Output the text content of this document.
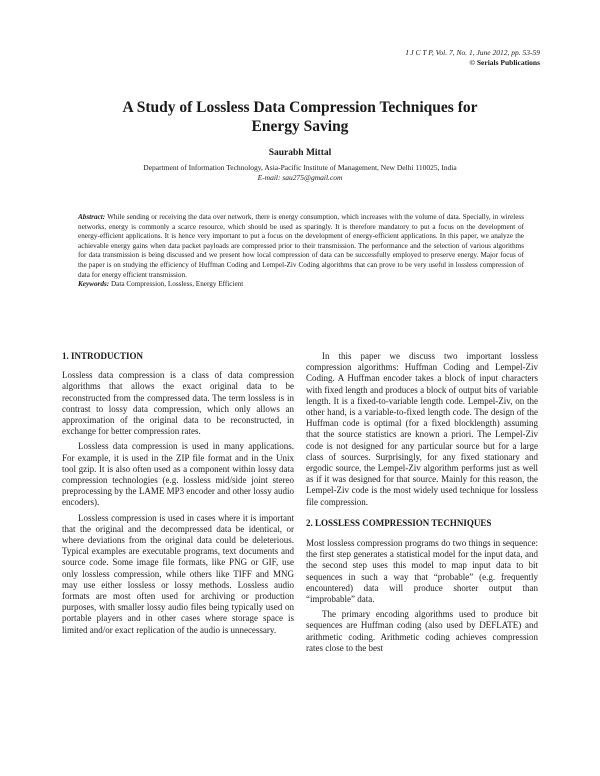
I J C T P, Vol. 7, No. 1, June 2012, pp. 53-59
© Serials Publications
A Study of Lossless Data Compression Techniques for
Energy Saving
Saurabh Mittal
Department of Information Technology, Asia-Pacific Institute of Management, New Delhi 110025, India
E-mail: sau275@gmail.com
Abstract: While sending or receiving the data over network, there is energy consumption, which increases with the volume of data. Specially, in wireless networks, energy is commonly a scarce resource, which should be used as sparingly. It is therefore mandatory to put a focus on the development of energy-efficient applications. It is hence very important to put a focus on the development of energy-efficient applications. In this paper, we analyze the achievable energy gains when data packet payloads are compressed prior to their transmission. The performance and the selection of various algorithms for data transmission is being discussed and we present how local compression of data can be successfully employed to preserve energy. Major focus of the paper is on studying the efficiency of Huffman Coding and Lempel-Ziv Coding algorithms that can prove to be very useful in lossless compression of data for energy efficient transmission.
Keywords: Data Compression, Lossless, Energy Efficient
1. INTRODUCTION

Lossless data compression is a class of data compression algorithms that allows the exact original data to be reconstructed from the compressed data. The term lossless is in contrast to lossy data compression, which only allows an approximation of the original data to be reconstructed, in exchange for better compression rates.

Lossless data compression is used in many applications. For example, it is used in the ZIP file format and in the Unix tool gzip. It is also often used as a component within lossy data compression technologies (e.g. lossless mid/side joint stereo preprocessing by the LAME MP3 encoder and other lossy audio encoders).

Lossless compression is used in cases where it is important that the original and the decompressed data be identical, or where deviations from the original data could be deleterious. Typical examples are executable programs, text documents and source code. Some image file formats, like PNG or GIF, use only lossless compression, while others like TIFF and MNG may use either lossless or lossy methods. Lossless audio formats are most often used for archiving or production purposes, with smaller lossy audio files being typically used on portable players and in other cases where storage space is limited and/or exact replication of the audio is unnecessary.

In this paper we discuss two important lossless compression algorithms: Huffman Coding and Lempel-Ziv Coding. A Huffman encoder takes a block of input characters with fixed length and produces a block of output bits of variable length. It is a fixed-to-variable length code. Lempel-Ziv, on the other hand, is a variable-to-fixed length code. The design of the Huffman code is optimal (for a fixed blocklength) assuming that the source statistics are known a priori. The Lempel-Ziv code is not designed for any particular source but for a large class of sources. Surprisingly, for any fixed stationary and ergodic source, the Lempel-Ziv algorithm performs just as well as if it was designed for that source. Mainly for this reason, the Lempel-Ziv code is the most widely used technique for lossless file compression.

2. LOSSLESS COMPRESSION TECHNIQUES

Most lossless compression programs do two things in sequence: the first step generates a statistical model for the input data, and the second step uses this model to map input data to bit sequences in such a way that “probable” (e.g. frequently encountered) data will produce shorter output than “improbable” data.

The primary encoding algorithms used to produce bit sequences are Huffman coding (also used by DEFLATE) and arithmetic coding. Arithmetic coding achieves compression rates close to the best
